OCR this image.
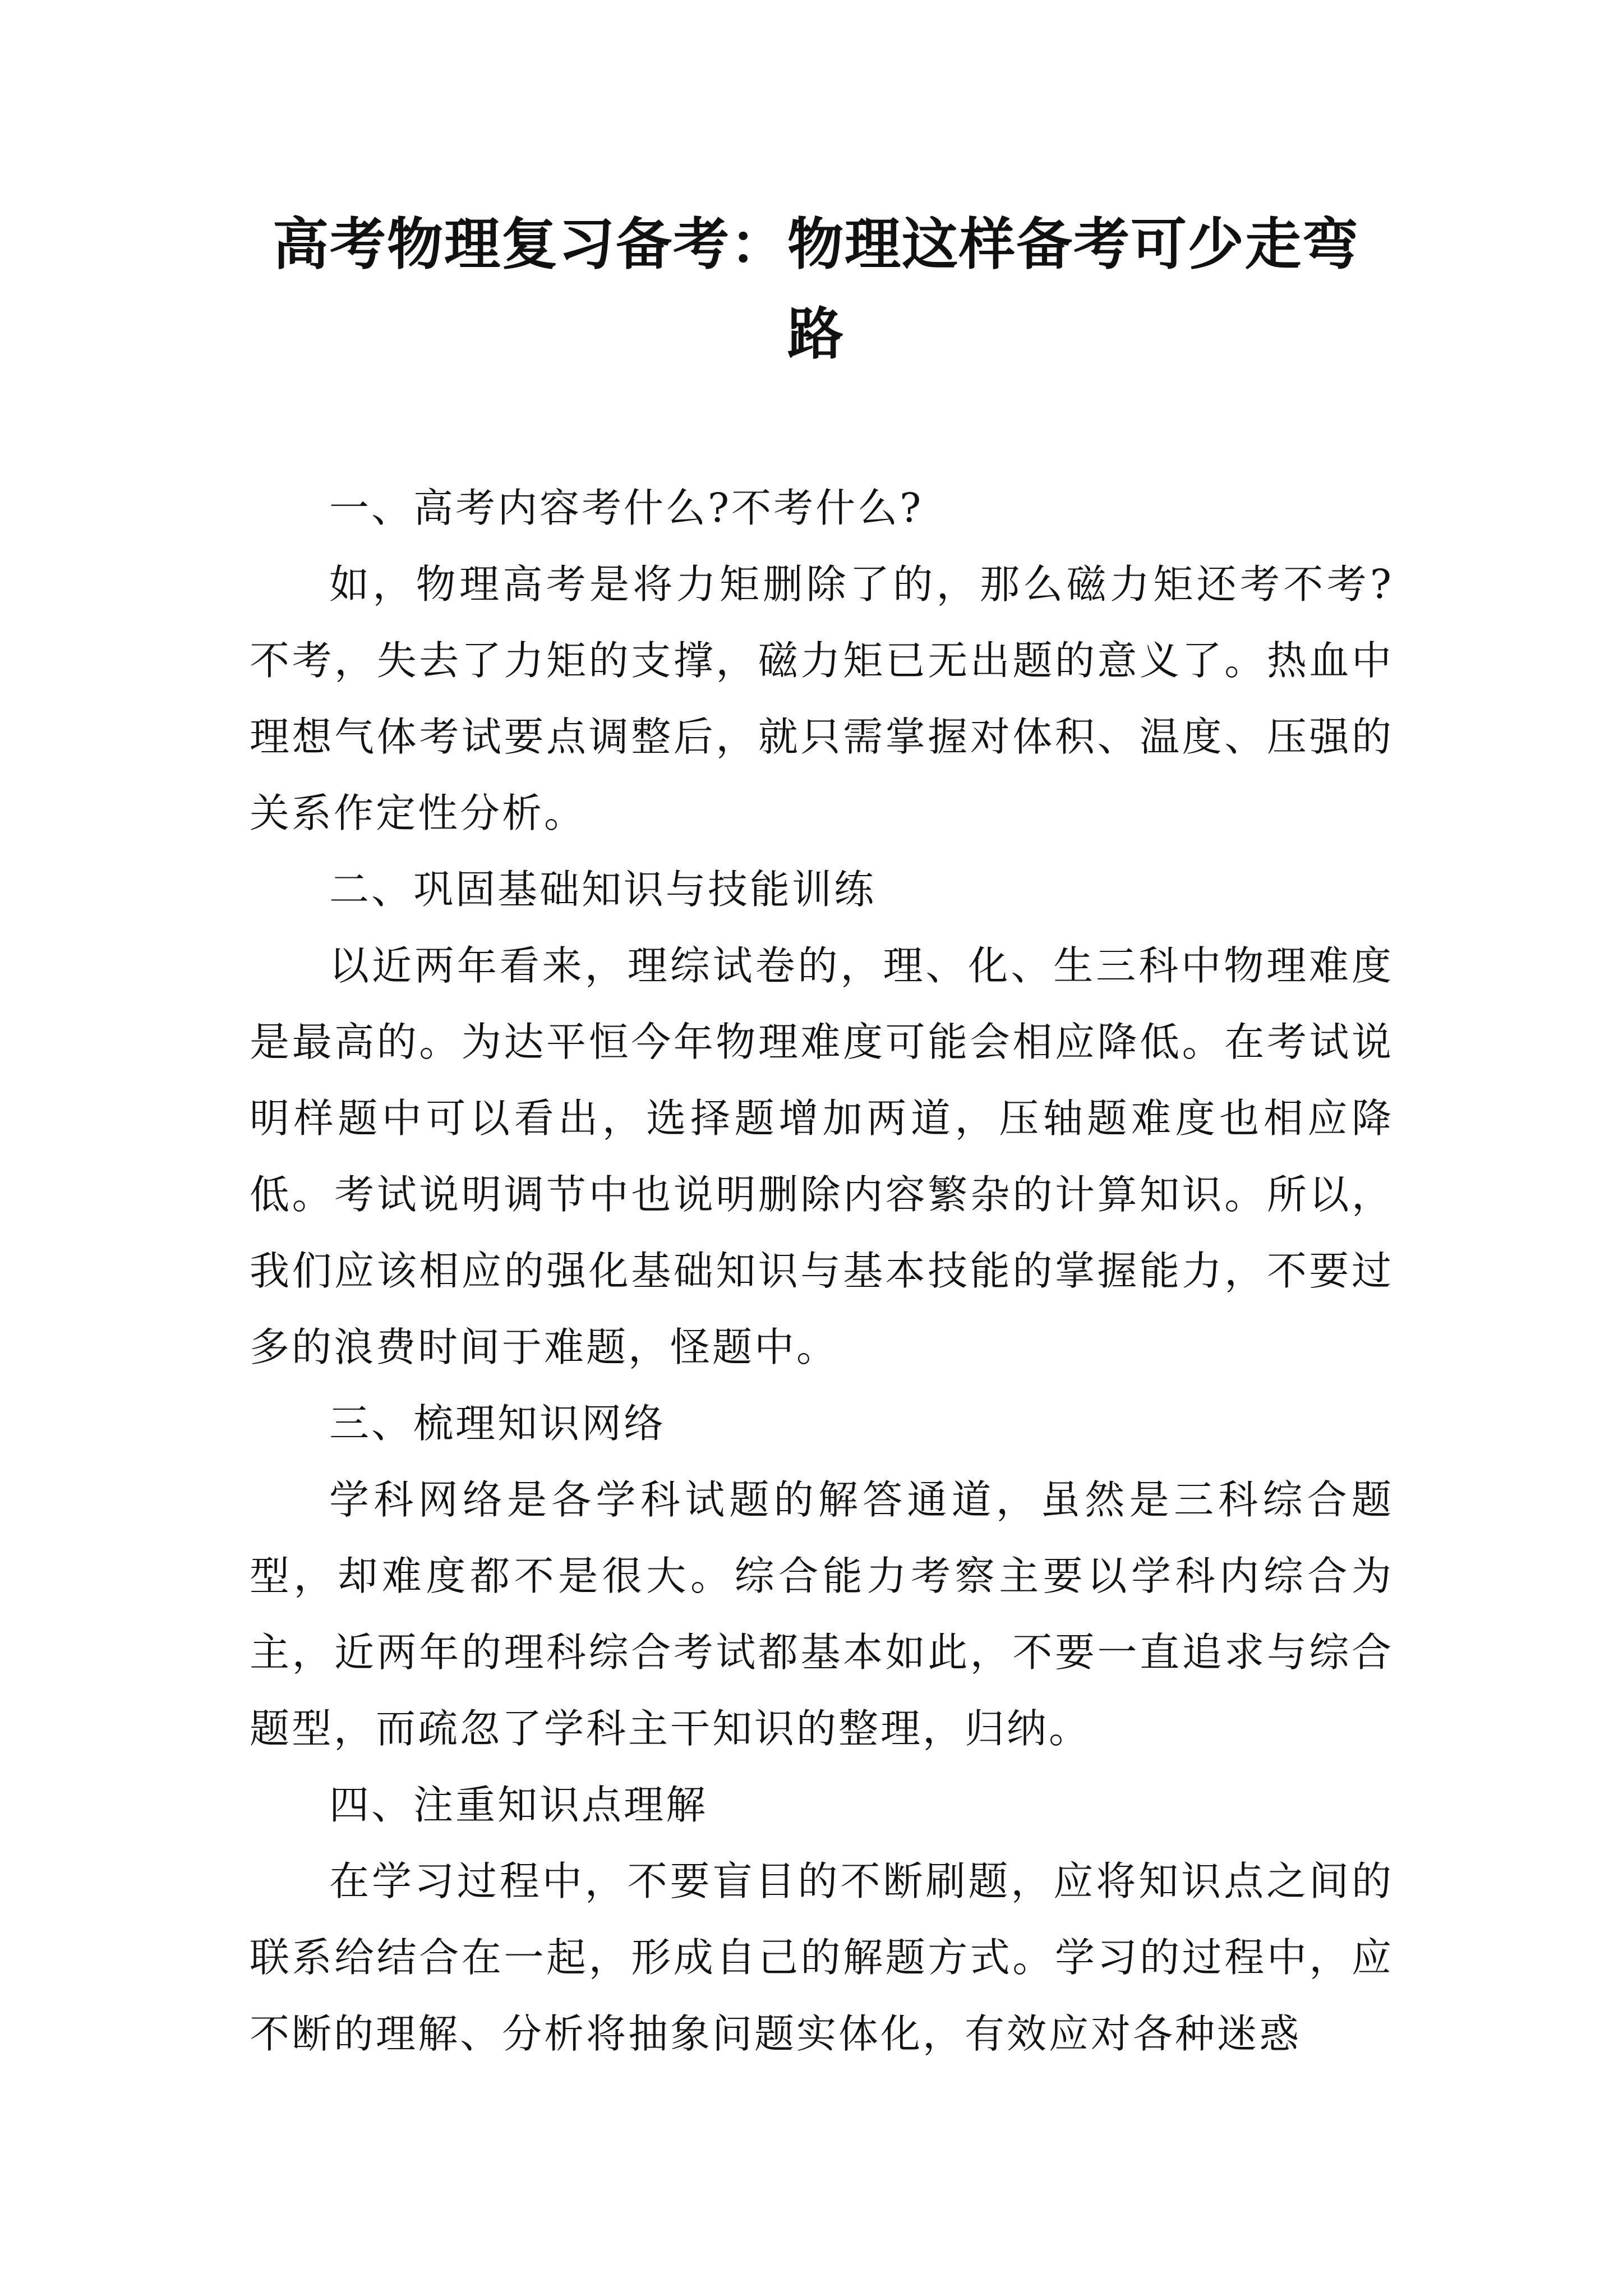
高考物理复习备考：物理这样备考可少走弯路

一、高考内容考什么?不考什么?

如，物理高考是将力矩删除了的，那么磁力矩还考不考?不考，失去了力矩的支撑，磁力矩已无出题的意义了。热血中理想气体考试要点调整后，就只需掌握对体积、温度、压强的关系作定性分析。

二、巩固基础知识与技能训练

以近两年看来，理综试卷的，理、化、生三科中物理难度是最高的。为达平恒今年物理难度可能会相应降低。在考试说明样题中可以看出，选择题增加两道，压轴题难度也相应降低。考试说明调节中也说明删除内容繁杂的计算知识。所以，我们应该相应的强化基础知识与基本技能的掌握能力，不要过多的浪费时间于难题，怪题中。

三、梳理知识网络

学科网络是各学科试题的解答通道，虽然是三科综合题型，却难度都不是很大。综合能力考察主要以学科内综合为主，近两年的理科综合考试都基本如此，不要一直追求与综合题型，而疏忽了学科主干知识的整理，归纳。

四、注重知识点理解

在学习过程中，不要盲目的不断刷题，应将知识点之间的联系给结合在一起，形成自己的解题方式。学习的过程中，应不断的理解、分析将抽象问题实体化，有效应对各种迷惑
